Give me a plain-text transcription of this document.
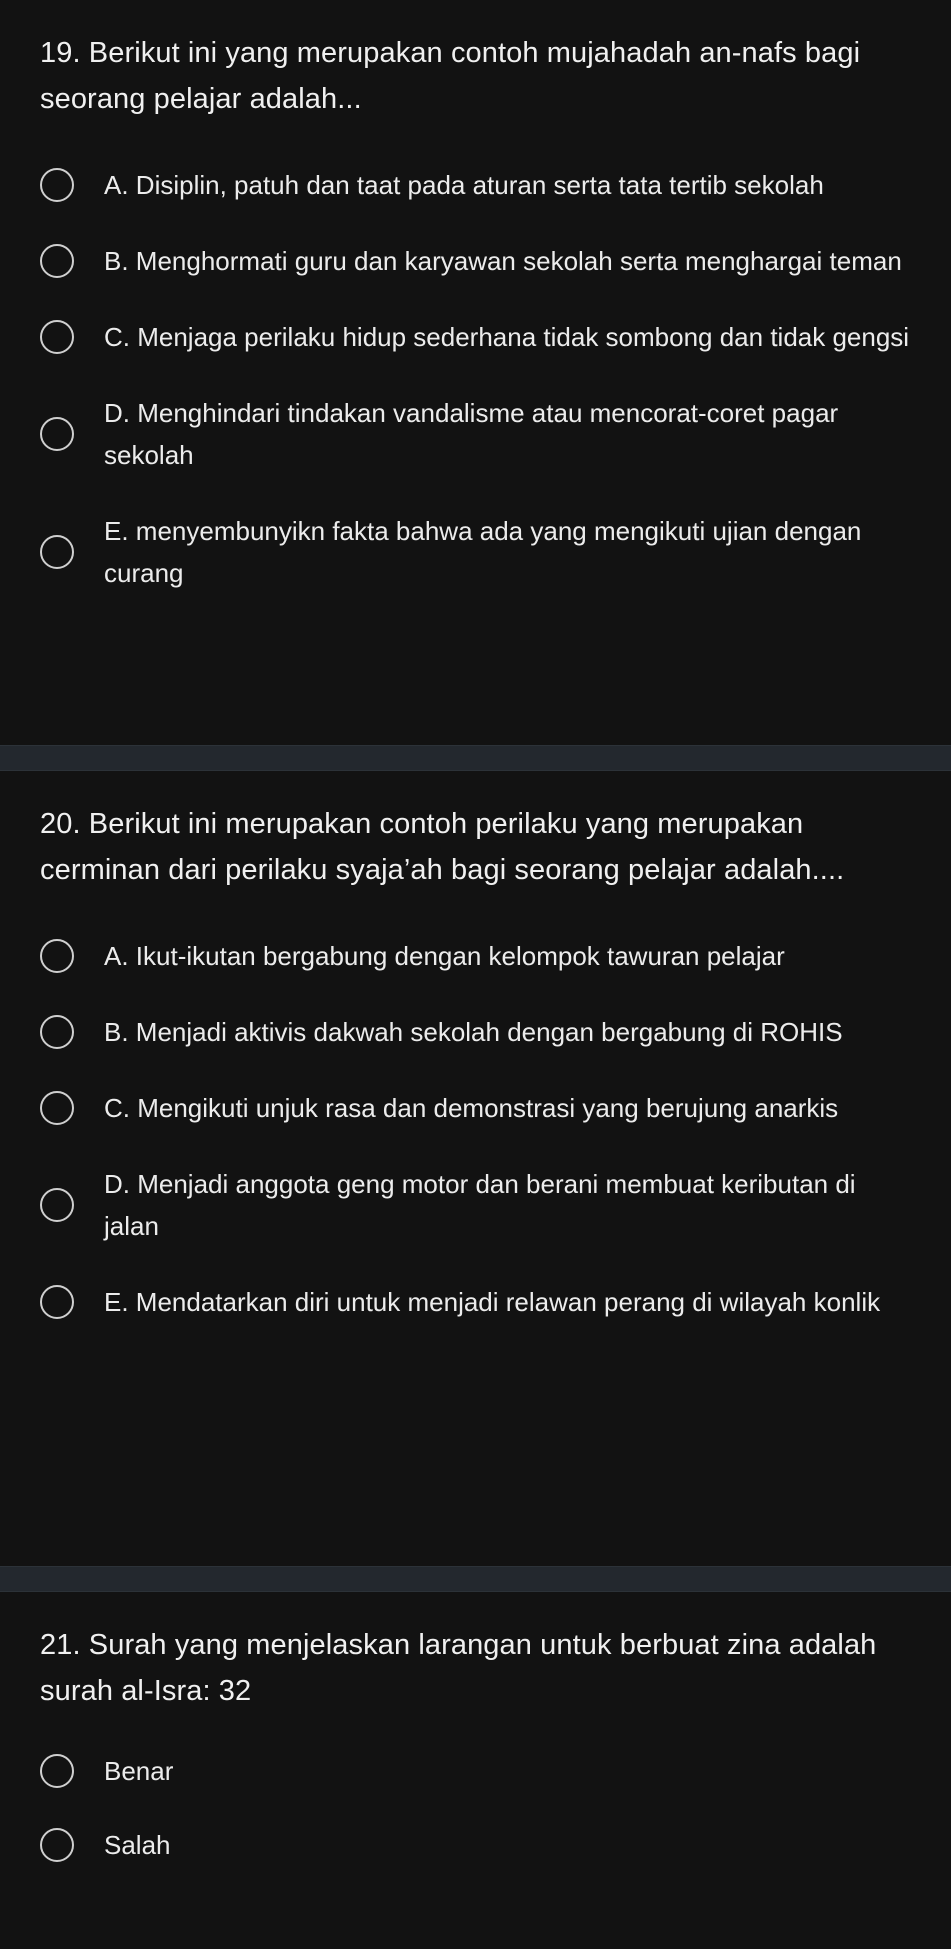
19. Berikut ini yang merupakan contoh mujahadah an-nafs bagi seorang pelajar adalah...

A. Disiplin, patuh dan taat pada aturan serta tata tertib sekolah
B. Menghormati guru dan karyawan sekolah serta menghargai teman
C. Menjaga perilaku hidup sederhana tidak sombong dan tidak gengsi
D. Menghindari tindakan vandalisme atau mencorat-coret pagar sekolah
E. menyembunyikn fakta bahwa ada yang mengikuti ujian dengan curang

20. Berikut ini merupakan contoh perilaku yang merupakan cerminan dari perilaku syaja’ah bagi seorang pelajar adalah....

A. Ikut-ikutan bergabung dengan kelompok tawuran pelajar
B. Menjadi aktivis dakwah sekolah dengan bergabung di ROHIS
C. Mengikuti unjuk rasa dan demonstrasi yang berujung anarkis
D. Menjadi anggota geng motor dan berani membuat keributan di jalan
E. Mendatarkan diri untuk menjadi relawan perang di wilayah konlik

21. Surah yang menjelaskan larangan untuk berbuat zina adalah surah al-Isra: 32

Benar
Salah
